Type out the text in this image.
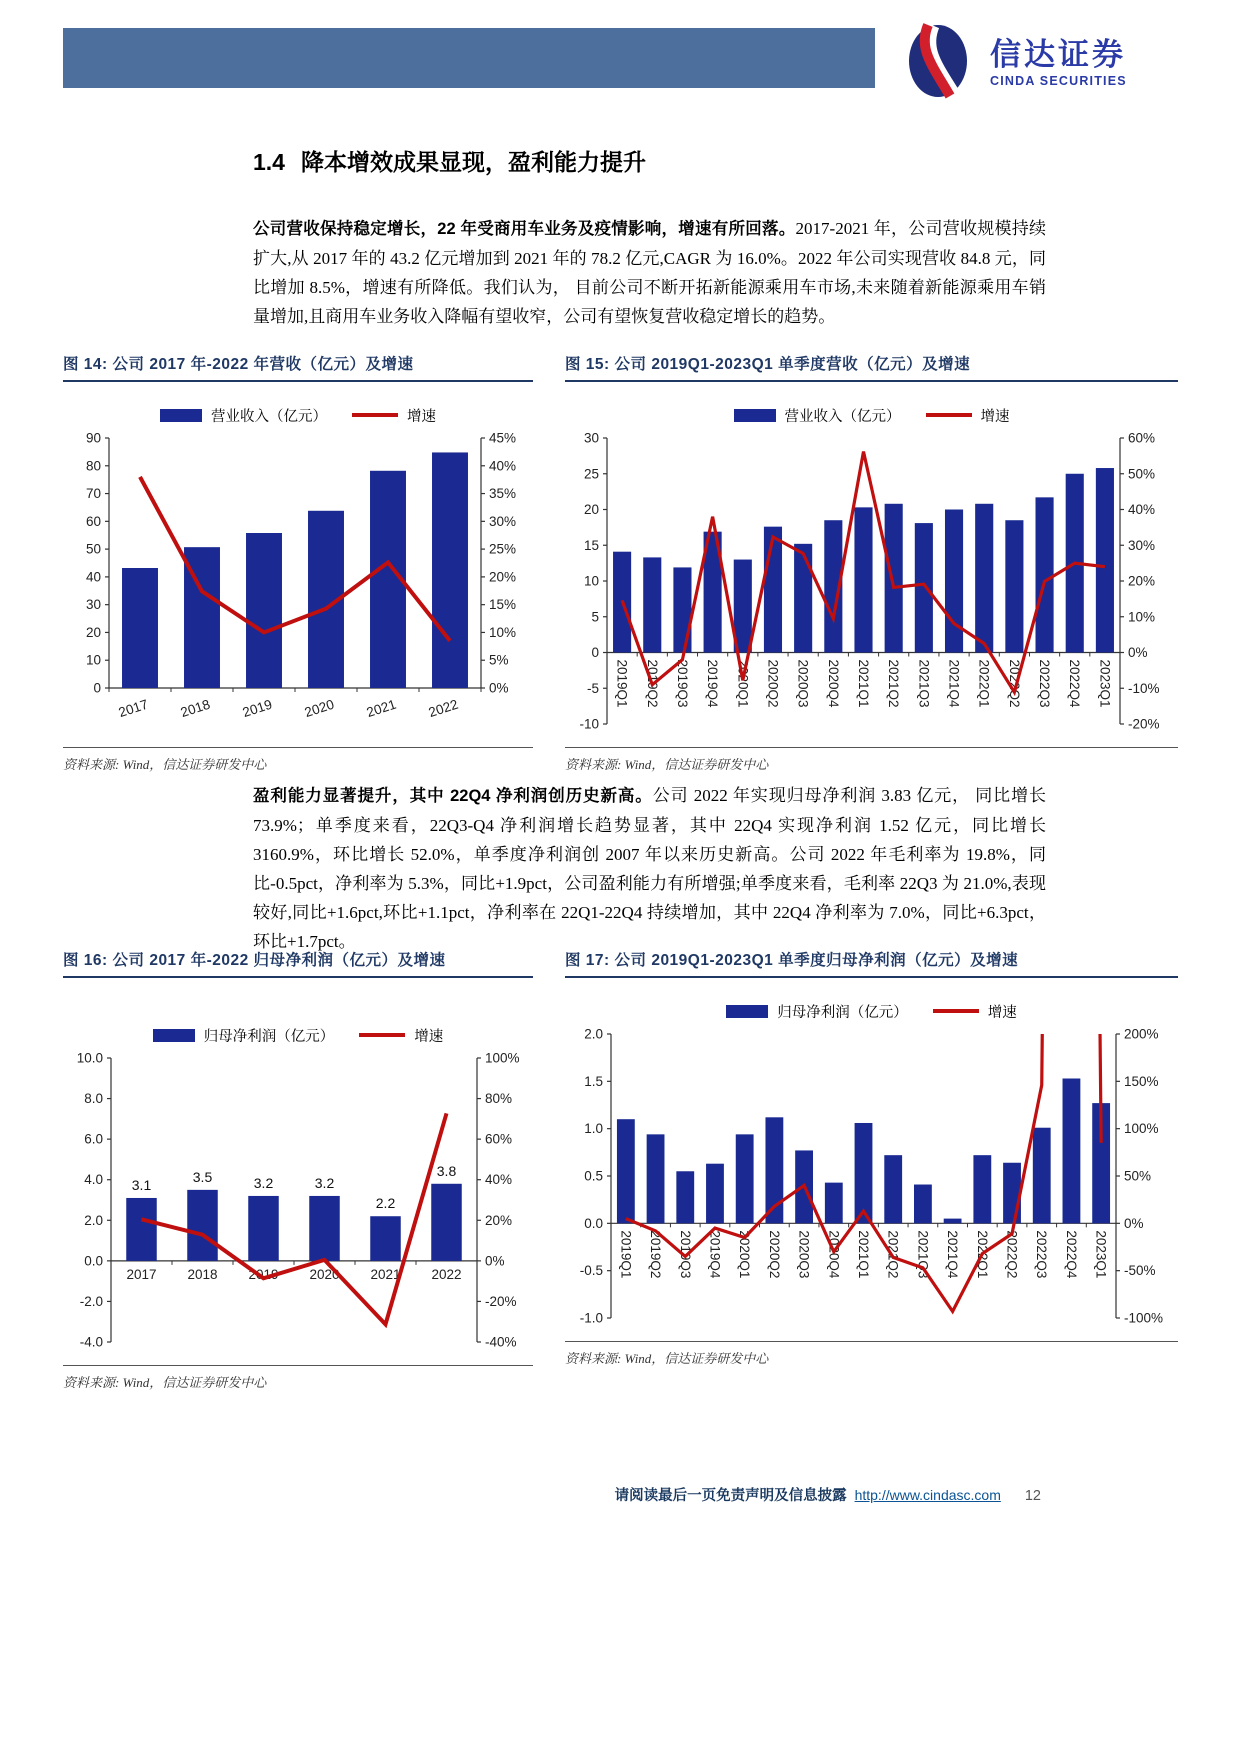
信达证券
CINDA SECURITIES
1.4 降本增效成果显现，盈利能力提升

公司营收保持稳定增长，22 年受商用车业务及疫情影响，增速有所回落。2017-2021 年，公司营收规模持续扩大,从 2017 年的 43.2 亿元增加到 2021 年的 78.2 亿元,CAGR 为 16.0%。2022 年公司实现营收 84.8 元，同比增加 8.5%，增速有所降低。我们认为， 目前公司不断开拓新能源乘用车市场,未来随着新能源乘用车销量增加,且商用车业务收入降幅有望收窄，公司有望恢复营收稳定增长的趋势。

图 14: 公司 2017 年-2022 年营收（亿元）及增速
营业收入（亿元）	增速
0
10
20
30
40
50
60
70
80
90
0%
5%
10%
15%
20%
25%
30%
35%
40%
45%
2017 2018 2019 2020 2021 2022
资料来源: Wind，信达证券研发中心
图 15: 公司 2019Q1-2023Q1 单季度营收（亿元）及增速
营业收入（亿元）	增速
-10
-5
0
5
10
15
20
25
30
-20%
-10%
0%
10%
20%
30%
40%
50%
60%
2019Q1 2019Q2 2019Q3 2019Q4 2020Q1 2020Q2 2020Q3 2020Q4 2021Q1 2021Q2 2021Q3 2021Q4 2022Q1 2022Q2 2022Q3 2022Q4 2023Q1
资料来源: Wind，信达证券研发中心

盈利能力显著提升，其中 22Q4 净利润创历史新高。公司 2022 年实现归母净利润 3.83 亿元， 同比增长 73.9%；单季度来看，22Q3-Q4 净利润增长趋势显著，其中 22Q4 实现净利润 1.52 亿元，同比增长 3160.9%，环比增长 52.0%，单季度净利润创 2007 年以来历史新高。公司 2022 年毛利率为 19.8%，同比-0.5pct，净利率为 5.3%，同比+1.9pct，公司盈利能力有所增强;单季度来看，毛利率 22Q3 为 21.0%,表现较好,同比+1.6pct,环比+1.1pct，净利率在 22Q1-22Q4 持续增加，其中 22Q4 净利率为 7.0%，同比+6.3pct，环比+1.7pct。

图 16: 公司 2017 年-2022 归母净利润（亿元）及增速
归母净利润（亿元）	增速
-4.0
-2.0
0.0
2.0
4.0
6.0
8.0
10.0
-40%
-20%
0%
20%
40%
60%
80%
100%
3.1
3.5	3.2	3.2
2.2
3.8
2017 2018 2019 2020 2021 2022
资料来源: Wind，信达证券研发中心
图 17: 公司 2019Q1-2023Q1 单季度归母净利润（亿元）及增速
归母净利润（亿元）	增速
-1.0
-0.5
0.0
0.5
1.0
1.5
2.0
-100%
-50%
0%
50%
100%
150%
200%
2019Q1 2019Q2 2019Q3 2019Q4 2020Q1 2020Q2 2020Q3 2020Q4 2021Q1 2021Q2 2021Q3 2021Q4 2022Q1 2022Q2 2022Q3 2022Q4 2023Q1
资料来源: Wind，信达证券研发中心
请阅读最后一页免责声明及信息披露 http://www.cindasc.com 12
